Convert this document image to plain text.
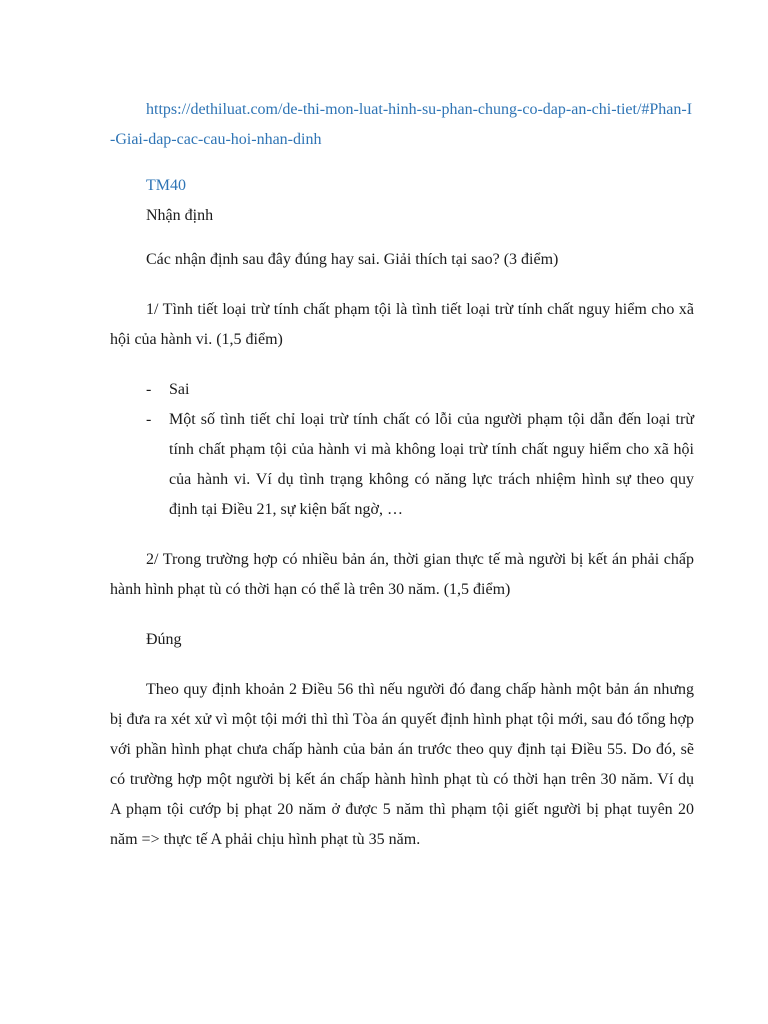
https://dethiluat.com/de-thi-mon-luat-hinh-su-phan-chung-co-dap-an-chi-tiet/#Phan-I-Giai-dap-cac-cau-hoi-nhan-dinh

TM40

Nhận định

Các nhận định sau đây đúng hay sai. Giải thích tại sao? (3 điểm)

1/ Tình tiết loại trừ tính chất phạm tội là tình tiết loại trừ tính chất nguy hiểm cho xã hội của hành vi. (1,5 điểm)

- Sai
- Một số tình tiết chỉ loại trừ tính chất có lỗi của người phạm tội dẫn đến loại trừ tính chất phạm tội của hành vi mà không loại trừ tính chất nguy hiểm cho xã hội của hành vi. Ví dụ tình trạng không có năng lực trách nhiệm hình sự theo quy định tại Điều 21, sự kiện bất ngờ, …

2/ Trong trường hợp có nhiều bản án, thời gian thực tế mà người bị kết án phải chấp hành hình phạt tù có thời hạn có thể là trên 30 năm. (1,5 điểm)

Đúng

Theo quy định khoản 2 Điều 56 thì nếu người đó đang chấp hành một bản án nhưng bị đưa ra xét xử vì một tội mới thì thì Tòa án quyết định hình phạt tội mới, sau đó tổng hợp với phần hình phạt chưa chấp hành của bản án trước theo quy định tại Điều 55. Do đó, sẽ có trường hợp một người bị kết án chấp hành hình phạt tù có thời hạn trên 30 năm. Ví dụ A phạm tội cướp bị phạt 20 năm ở được 5 năm thì phạm tội giết người bị phạt tuyên 20 năm => thực tế A phải chịu hình phạt tù 35 năm.
